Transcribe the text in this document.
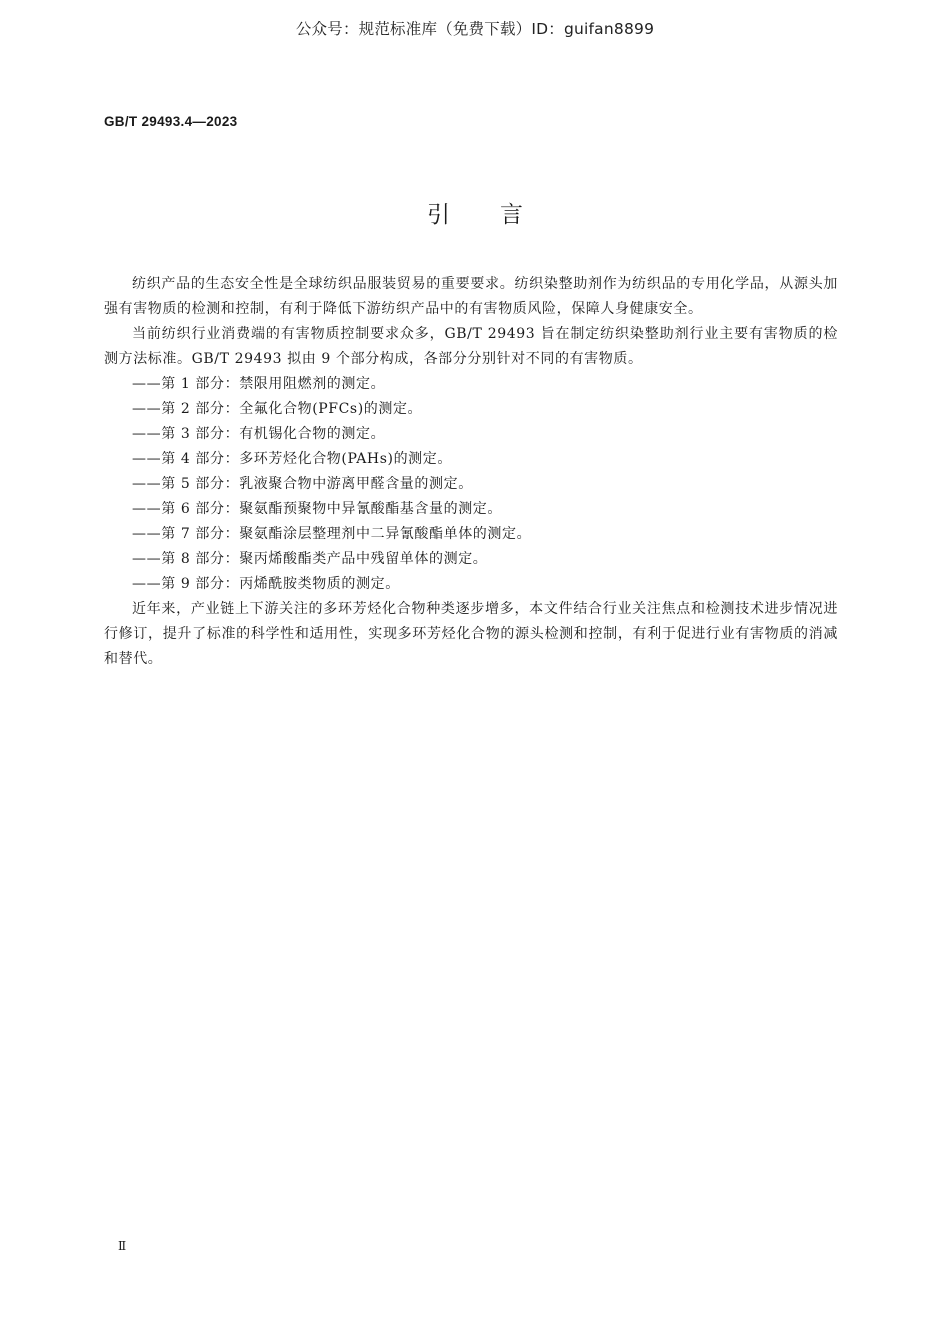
公众号：规范标准库（免费下载）ID：guifan8899
GB/T 29493.4—2023
引言

纺织产品的生态安全性是全球纺织品服装贸易的重要要求。纺织染整助剂作为纺织品的专用化学品，从源头加强有害物质的检测和控制，有利于降低下游纺织产品中的有害物质风险，保障人身健康安全。

当前纺织行业消费端的有害物质控制要求众多，GB/T 29493 旨在制定纺织染整助剂行业主要有害物质的检测方法标准。GB/T 29493 拟由 9 个部分构成，各部分分别针对不同的有害物质。

——第 1 部分：禁限用阻燃剂的测定。
——第 2 部分：全氟化合物(PFCs)的测定。
——第 3 部分：有机锡化合物的测定。
——第 4 部分：多环芳烃化合物(PAHs)的测定。
——第 5 部分：乳液聚合物中游离甲醛含量的测定。
——第 6 部分：聚氨酯预聚物中异氰酸酯基含量的测定。
——第 7 部分：聚氨酯涂层整理剂中二异氰酸酯单体的测定。
——第 8 部分：聚丙烯酸酯类产品中残留单体的测定。
——第 9 部分：丙烯酰胺类物质的测定。

近年来，产业链上下游关注的多环芳烃化合物种类逐步增多，本文件结合行业关注焦点和检测技术进步情况进行修订，提升了标准的科学性和适用性，实现多环芳烃化合物的源头检测和控制，有利于促进行业有害物质的消减和替代。

Ⅱ
